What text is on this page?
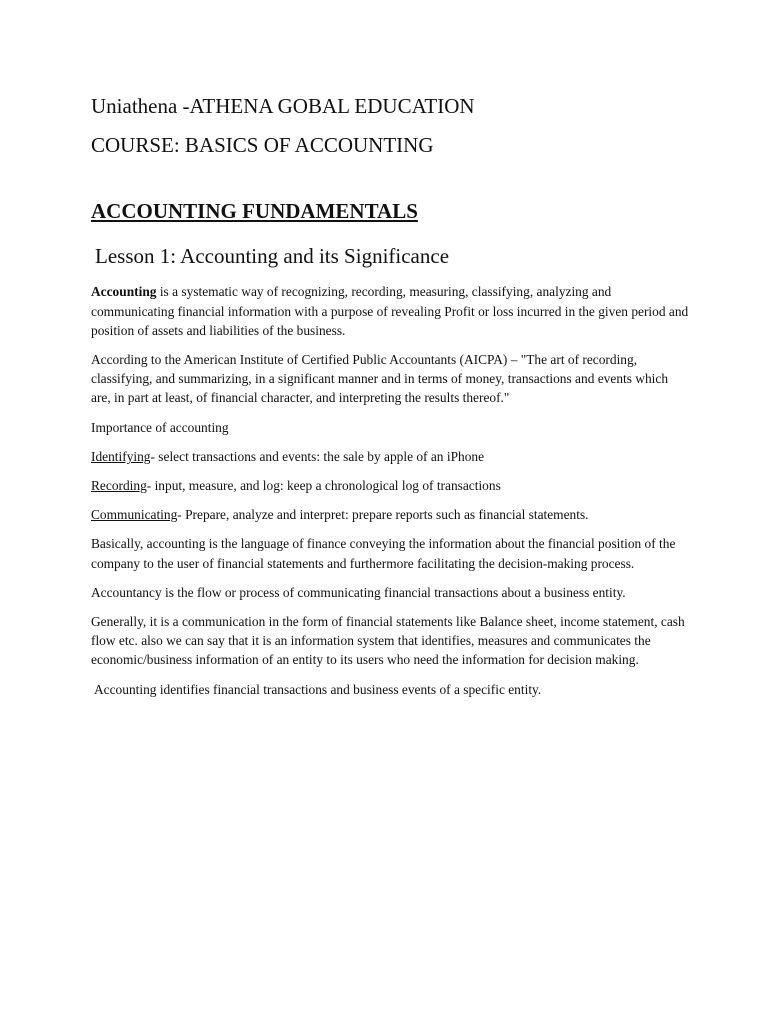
Uniathena -ATHENA GOBAL EDUCATION
COURSE: BASICS OF ACCOUNTING
ACCOUNTING FUNDAMENTALS
Lesson 1: Accounting and its Significance

Accounting is a systematic way of recognizing, recording, measuring, classifying, analyzing and communicating financial information with a purpose of revealing Profit or loss incurred in the given period and position of assets and liabilities of the business.

According to the American Institute of Certified Public Accountants (AICPA) – "The art of recording, classifying, and summarizing, in a significant manner and in terms of money, transactions and events which are, in part at least, of financial character, and interpreting the results thereof."

Importance of accounting

Identifying- select transactions and events: the sale by apple of an iPhone

Recording- input, measure, and log: keep a chronological log of transactions

Communicating- Prepare, analyze and interpret: prepare reports such as financial statements.

Basically, accounting is the language of finance conveying the information about the financial position of the company to the user of financial statements and furthermore facilitating the decision-making process.

Accountancy is the flow or process of communicating financial transactions about a business entity.

Generally, it is a communication in the form of financial statements like Balance sheet, income statement, cash flow etc. also we can say that it is an information system that identifies, measures and communicates the economic/business information of an entity to its users who need the information for decision making.

Accounting identifies financial transactions and business events of a specific entity.
